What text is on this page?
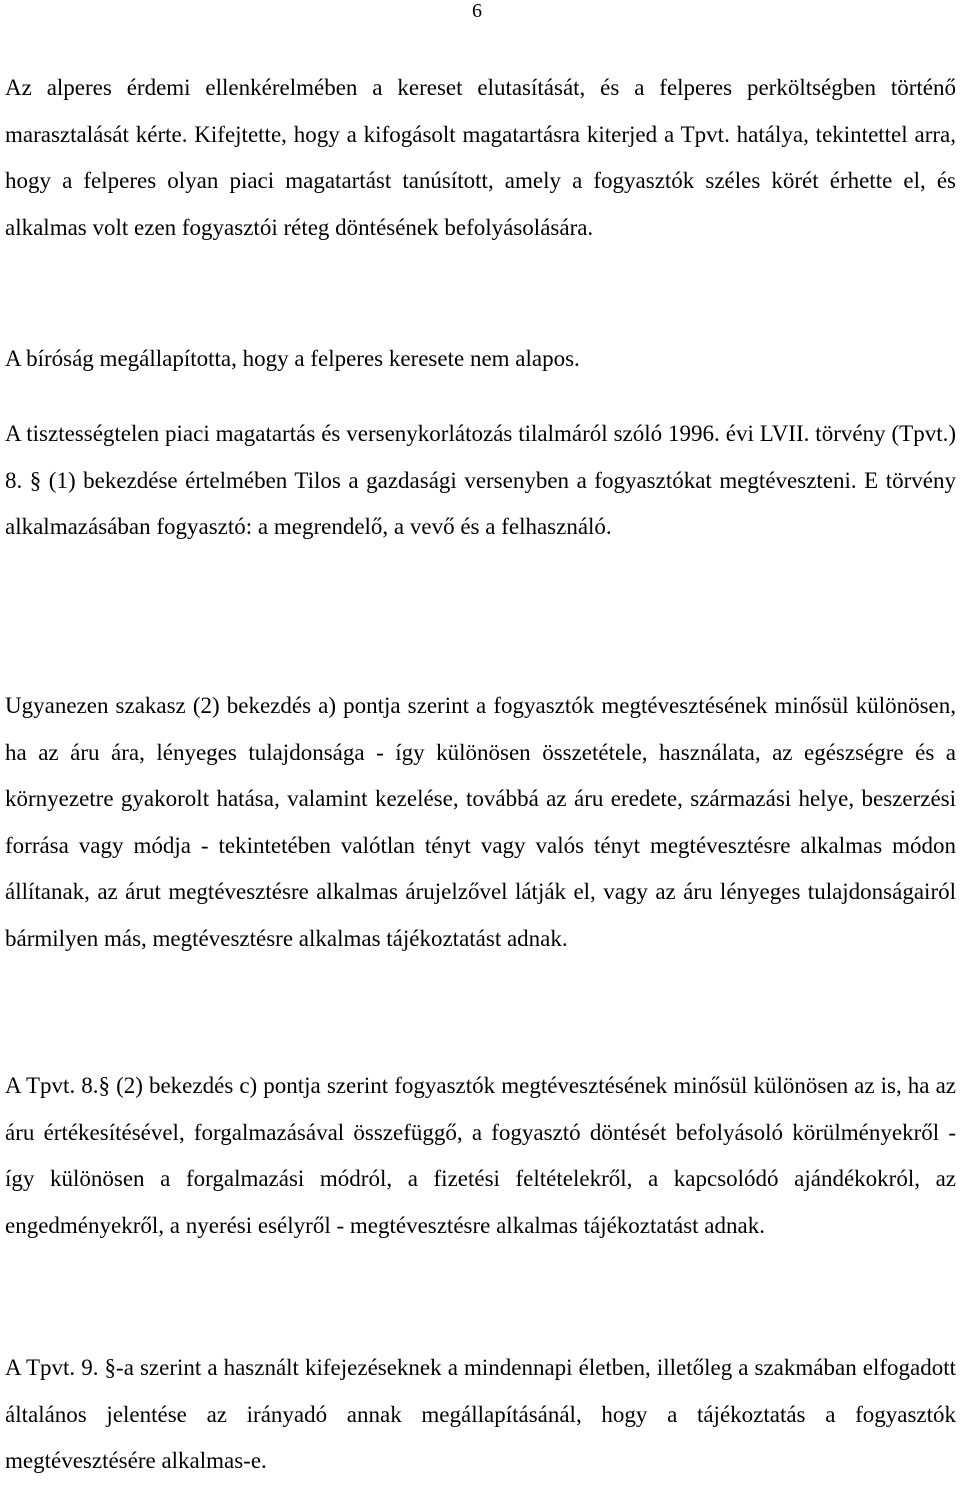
6

Az alperes érdemi ellenkérelmében a kereset elutasítását, és a felperes perköltségben történő marasztalását kérte. Kifejtette, hogy a kifogásolt magatartásra kiterjed a Tpvt. hatálya, tekintettel arra, hogy a felperes olyan piaci magatartást tanúsított, amely a fogyasztók széles körét érhette el, és alkalmas volt ezen fogyasztói réteg döntésének befolyásolására.

A bíróság megállapította, hogy a felperes keresete nem alapos.

A tisztességtelen piaci magatartás és versenykorlátozás tilalmáról szóló 1996. évi LVII. törvény (Tpvt.) 8. § (1) bekezdése értelmében Tilos a gazdasági versenyben a fogyasztókat megtéveszteni. E törvény alkalmazásában fogyasztó: a megrendelő, a vevő és a felhasználó.

Ugyanezen szakasz (2) bekezdés a) pontja szerint a fogyasztók megtévesztésének minősül különösen, ha az áru ára, lényeges tulajdonsága - így különösen összetétele, használata, az egészségre és a környezetre gyakorolt hatása, valamint kezelése, továbbá az áru eredete, származási helye, beszerzési forrása vagy módja - tekintetében valótlan tényt vagy valós tényt megtévesztésre alkalmas módon állítanak, az árut megtévesztésre alkalmas árujelzővel látják el, vagy az áru lényeges tulajdonságairól bármilyen más, megtévesztésre alkalmas tájékoztatást adnak.

A Tpvt. 8.§ (2) bekezdés c) pontja szerint fogyasztók megtévesztésének minősül különösen az is, ha az áru értékesítésével, forgalmazásával összefüggő, a fogyasztó döntését befolyásoló körülményekről - így különösen a forgalmazási módról, a fizetési feltételekről, a kapcsolódó ajándékokról, az engedményekről, a nyerési esélyről - megtévesztésre alkalmas tájékoztatást adnak.

A Tpvt. 9. §-a szerint a használt kifejezéseknek a mindennapi életben, illetőleg a szakmában elfogadott általános jelentése az irányadó annak megállapításánál, hogy a tájékoztatás a fogyasztók megtévesztésére alkalmas-e.
